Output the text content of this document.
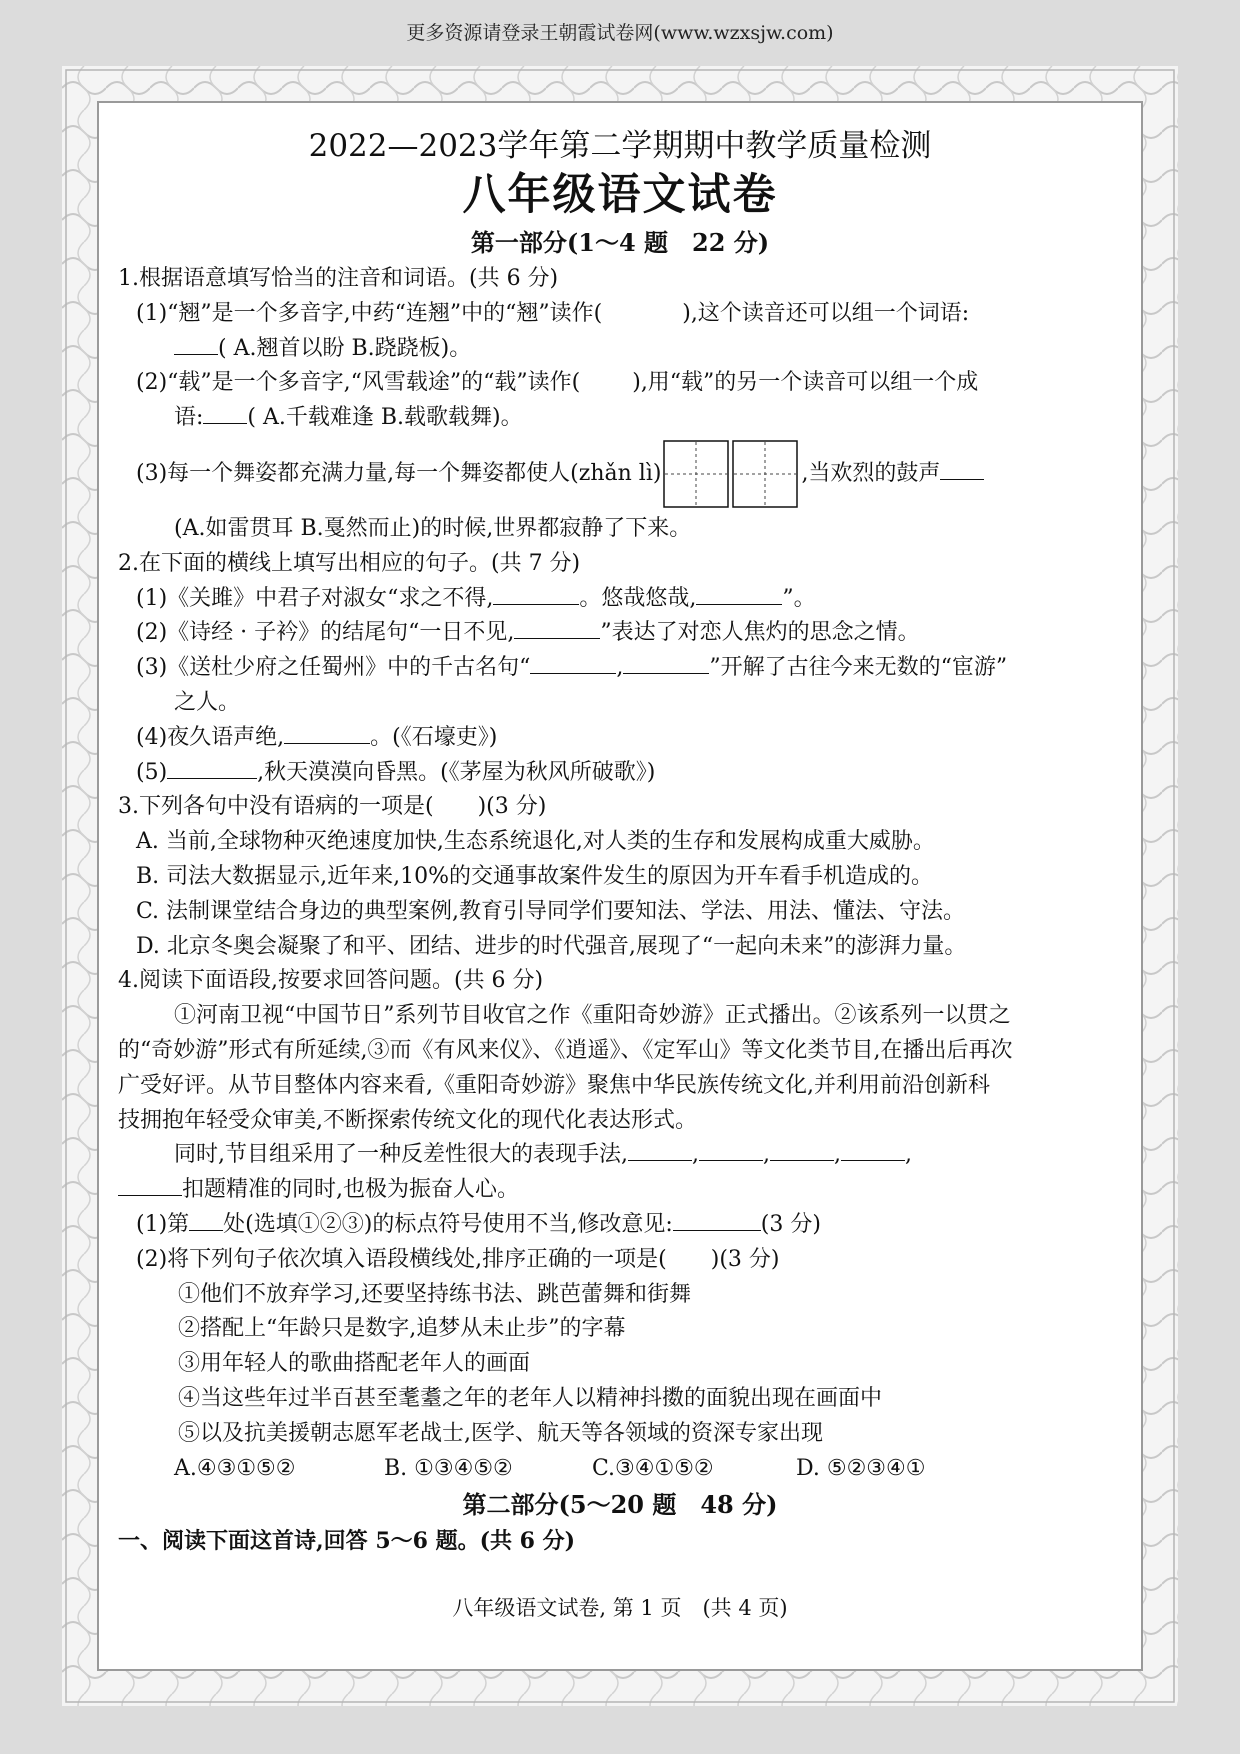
更多资源请登录王朝霞试卷网(www.wzxsjw.com)
2022—2023学年第二学期期中教学质量检测
八年级语文试卷
第一部分(1～4 题　22 分)
1.根据语意填写恰当的注音和词语。(共 6 分)
(1)“翘”是一个多音字,中药“连翘”中的“翘”读作(	),这个读音还可以组一个词语:
( A.翘首以盼 B.跷跷板)。
(2)“载”是一个多音字,“风雪载途”的“载”读作( ),用“载”的另一个读音可以组一个成
语: ( A.千载难逢 B.载歌载舞)。
(3)每一个舞姿都充满力量,每一个舞姿都使人(zhǎn lì)	,当欢烈的鼓声
(A.如雷贯耳 B.戛然而止)的时候,世界都寂静了下来。
2.在下面的横线上填写出相应的句子。(共 7 分)
(1)《关雎》中君子对淑女“求之不得,	。悠哉悠哉,	”。
(2)《诗经 · 子衿》的结尾句“一日不见,	”表达了对恋人焦灼的思念之情。
(3)《送杜少府之任蜀州》中的千古名句“	,	”开解了古往今来无数的“宦游”
之人。
(4)夜久语声绝,	。(《石壕吏》)
(5)	,秋天漠漠向昏黑。(《茅屋为秋风所破歌》)
3.下列各句中没有语病的一项是(　　)(3 分)
A. 当前,全球物种灭绝速度加快,生态系统退化,对人类的生存和发展构成重大威胁。
B. 司法大数据显示,近年来,10%的交通事故案件发生的原因为开车看手机造成的。
C. 法制课堂结合身边的典型案例,教育引导同学们要知法、学法、用法、懂法、守法。
D. 北京冬奥会凝聚了和平、团结、进步的时代强音,展现了“一起向未来”的澎湃力量。
4.阅读下面语段,按要求回答问题。(共 6 分)
①河南卫视“中国节日”系列节目收官之作《重阳奇妙游》正式播出。②该系列一以贯之
的“奇妙游”形式有所延续,③而《有风来仪》、《逍遥》、《定军山》等文化类节目,在播出后再次
广受好评。从节目整体内容来看,《重阳奇妙游》聚焦中华民族传统文化,并利用前沿创新科
技拥抱年轻受众审美,不断探索传统文化的现代化表达形式。
同时,节目组采用了一种反差性很大的表现手法,	,	,	,	,
扣题精准的同时,也极为振奋人心。
(1)第 处(选填①②③)的标点符号使用不当,修改意见:	(3 分)
(2)将下列句子依次填入语段横线处,排序正确的一项是(　　)(3 分)
①他们不放弃学习,还要坚持练书法、跳芭蕾舞和街舞
②搭配上“年龄只是数字,追梦从未止步”的字幕
③用年轻人的歌曲搭配老年人的画面
④当这些年过半百甚至耄耋之年的老年人以精神抖擞的面貌出现在画面中
⑤以及抗美援朝志愿军老战士,医学、航天等各领域的资深专家出现
A.④③①⑤②	B. ①③④⑤②	C.③④①⑤②	D. ⑤②③④①
第二部分(5～20 题　48 分)
一、阅读下面这首诗,回答 5～6 题。(共 6 分)
八年级语文试卷, 第 1 页　(共 4 页)
